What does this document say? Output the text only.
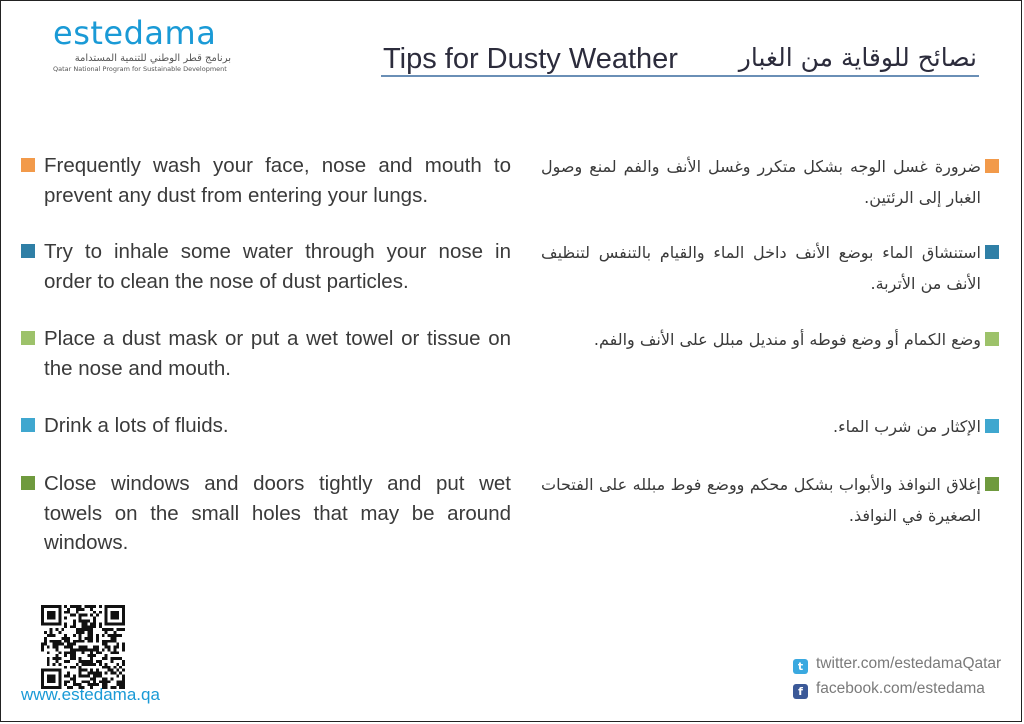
estedama
برنامج قطر الوطني للتنمية المستدامة
Qatar National Program for Sustainable Development	Tips for Dusty Weather نصائح للوقاية من الغبار
Frequently wash your face, nose and mouth to prevent any dust from entering your lungs.
Try to inhale some water through your nose in order to clean the nose of dust particles.
Place a dust mask or put a wet towel or tissue on the nose and mouth.
Drink a lots of fluids.
Close windows and doors tightly and put wet towels on the small holes that may be around windows.
ضرورة غسل الوجه بشكل متكرر وغسل الأنف والفم لمنع وصول الغبار إلى الرئتين.
استنشاق الماء بوضع الأنف داخل الماء والقيام بالتنفس لتنظيف الأنف من الأتربة.
وضع الكمام أو وضع فوطه أو منديل مبلل على الأنف والفم.
الإكثار من شرب الماء.
إغلاق النوافذ والأبواب بشكل محكم ووضع فوط مبلله على الفتحات الصغيرة في النوافذ.
www.estedama.qa
t twitter.com/estedamaQatar
f facebook.com/estedama
